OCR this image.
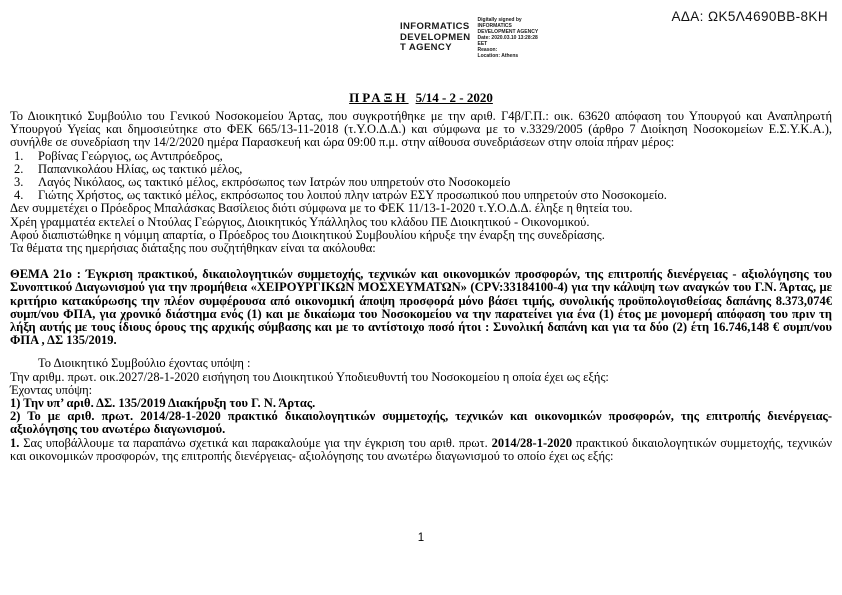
ΑΔΑ: ΩΚ5Λ4690ΒΒ-8ΚΗ
INFORMATICS
DEVELOPMEN
T AGENCY
Digitally signed by
INFORMATICS
DEVELOPMENT AGENCY
Date: 2020.03.10 13:28:28
EET
Reason:
Location: Athens
ΠΡΑΞΗ 5/14 - 2 - 2020

Το Διοικητικό Συμβούλιο του Γενικού Νοσοκομείου Άρτας, που συγκροτήθηκε με την αριθ. Γ4β/Γ.Π.: οικ. 63620 απόφαση του Υπουργού και Αναπληρωτή Υπουργού Υγείας και δημοσιεύτηκε στο ΦΕΚ 665/13-11-2018 (τ.Υ.Ο.Δ.Δ.) και σύμφωνα με το ν.3329/2005 (άρθρο 7 Διοίκηση Νοσοκομείων Ε.Σ.Υ.Κ.Α.), συνήλθε σε συνεδρίαση την 14/2/2020 ημέρα Παρασκευή και ώρα 09:00 π.μ. στην αίθουσα συνεδριάσεων στην οποία πήραν μέρος:

1.	Ροβίνας Γεώργιος, ως Αντιπρόεδρος,
2.	Παπανικολάου Ηλίας, ως τακτικό μέλος,
3.	Λαγός Νικόλαος, ως τακτικό μέλος, εκπρόσωπος των Ιατρών που υπηρετούν στο Νοσοκομείο
4.	Γιώτης Χρήστος, ως τακτικό μέλος, εκπρόσωπος του λοιπού πλην ιατρών ΕΣΥ προσωπικού που υπηρετούν στο Νοσοκομείο.

Δεν συμμετέχει ο Πρόεδρος Μπαλάσκας Βασίλειος διότι σύμφωνα με το ΦΕΚ 11/13-1-2020 τ.Υ.Ο.Δ.Δ. έληξε η θητεία του.

Χρέη γραμματέα εκτελεί ο Ντούλας Γεώργιος, Διοικητικός Υπάλληλος του κλάδου ΠΕ Διοικητικού - Οικονομικού.

Αφού διαπιστώθηκε η νόμιμη απαρτία, ο Πρόεδρος του Διοικητικού Συμβουλίου κήρυξε την έναρξη της συνεδρίασης.

Τα θέματα της ημερήσιας διάταξης που συζητήθηκαν είναι τα ακόλουθα:

ΘΕΜΑ 21ο : Έγκριση πρακτικού, δικαιολογητικών συμμετοχής, τεχνικών και οικονομικών προσφορών, της επιτροπής διενέργειας - αξιολόγησης του Συνοπτικού Διαγωνισμού για την προμήθεια «ΧΕΙΡΟΥΡΓΙΚΩΝ ΜΟΣΧΕΥΜΑΤΩΝ» (CPV:33184100-4) για την κάλυψη των αναγκών του Γ.Ν. Άρτας, με κριτήριο κατακύρωσης την πλέον συμφέρουσα από οικονομική άποψη προσφορά μόνο βάσει τιμής, συνολικής προϋπολογισθείσας δαπάνης 8.373,074€ συμπ/νου ΦΠΑ, για χρονικό διάστημα ενός (1) και με δικαίωμα του Νοσοκομείου να την παρατείνει για ένα (1) έτος με μονομερή απόφαση του πριν τη λήξη αυτής με τους ίδιους όρους της αρχικής σύμβασης και με το αντίστοιχο ποσό ήτοι : Συνολική δαπάνη και για τα δύο (2) έτη 16.746,148 € συμπ/νου ΦΠΑ , ΔΣ 135/2019.

Το Διοικητικό Συμβούλιο έχοντας υπόψη :

Την αριθμ. πρωτ. οικ.2027/28-1-2020 εισήγηση του Διοικητικού Υποδιευθυντή του Νοσοκομείου η οποία έχει ως εξής:

Έχοντας υπόψη:

1) Την υπ’ αριθ. ΔΣ. 135/2019 Διακήρυξη του Γ. Ν. Άρτας.

2) Το με αριθ. πρωτ. 2014/28-1-2020 πρακτικό δικαιολογητικών συμμετοχής, τεχνικών και οικονομικών προσφορών, της επιτροπής διενέργειας- αξιολόγησης του ανωτέρω διαγωνισμού.

1. Σας υποβάλλουμε τα παραπάνω σχετικά και παρακαλούμε για την έγκριση του αριθ. πρωτ. 2014/28-1-2020 πρακτικού δικαιολογητικών συμμετοχής, τεχνικών και οικονομικών προσφορών, της επιτροπής διενέργειας- αξιολόγησης του ανωτέρω διαγωνισμού το οποίο έχει ως εξής:

1
